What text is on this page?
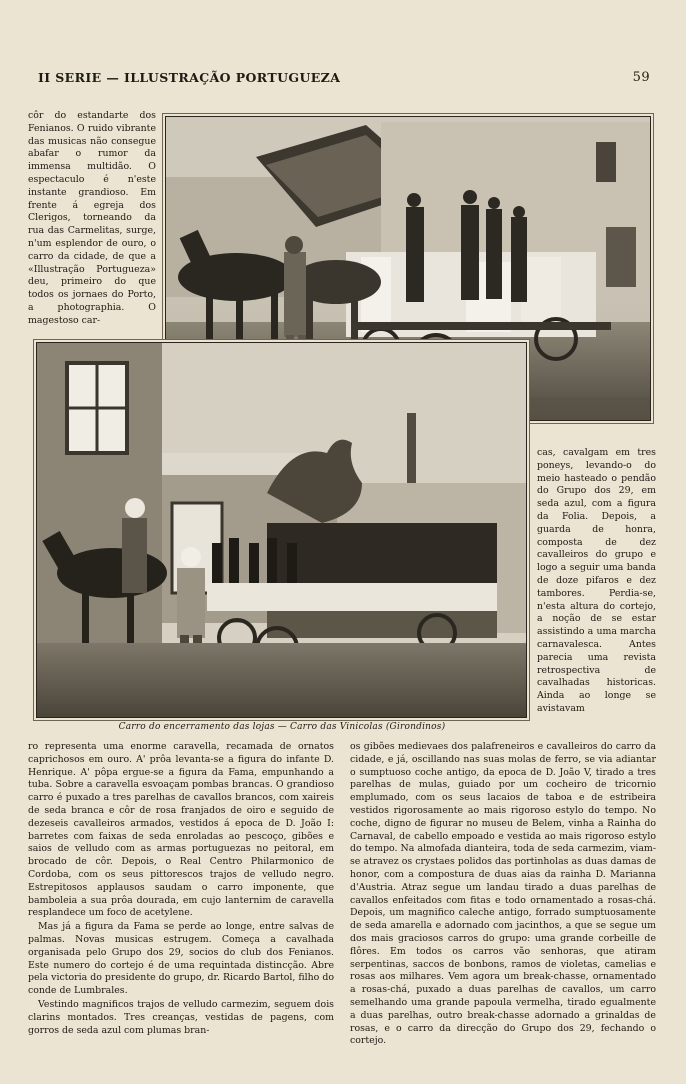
II SERIE — ILLUSTRAÇÃO PORTUGUEZA	59

côr do estandarte dos Fenianos. O ruido vibrante das musicas não consegue abafar o rumor da immensa multidão. O espectaculo é n'este instante grandioso. Em frente á egreja dos Clerigos, torneando da rua das Carmelitas, surge, n'um esplendor de ouro, o carro da cidade, de que a «Illustração Portugueza» deu, primeiro do que todos os jornaes do Porto, a photographia. O magestoso car-

Carro do encerramento das lojas — Carro das Vinicolas (Girondinos)

cas, cavalgam em tres poneys, levando-o do meio hasteado o pendão do Grupo dos 29, em seda azul, com a figura da Folia. Depois, a guarda de honra, composta de dez cavalleiros do grupo e logo a seguir uma banda de doze pifaros e dez tambores. Perdia-se, n'esta altura do cortejo, a noção de se estar assistindo a uma marcha carnavalesca. Antes parecia uma revista retrospectiva de cavalhadas historicas. Ainda ao longe se avistavam

ro representa uma enorme caravella, recamada de ornatos caprichosos em ouro. A' prôa levanta-se a figura do infante D. Henrique. A' pôpa ergue-se a figura da Fama, empunhando a tuba. Sobre a caravella esvoaçam pombas brancas. O grandioso carro é puxado a tres parelhas de cavallos brancos, com xaireis de seda branca e côr de rosa franjados de oiro e seguido de dezeseis cavalleiros armados, vestidos á epoca de D. João I: barretes com faixas de seda enroladas ao pescoço, gibões e saios de velludo com as armas portuguezas no peitoral, em brocado de côr. Depois, o Real Centro Philarmonico de Cordoba, com os seus pittorescos trajos de velludo negro. Estrepitosos applausos saudam o carro imponente, que bamboleia a sua prôa dourada, em cujo lanternim de caravella resplandece um foco de acetylene.

Mas já a figura da Fama se perde ao longe, entre salvas de palmas. Novas musicas estrugem. Começa a cavalhada organisada pelo Grupo dos 29, socios do club dos Fenianos. Este numero do cortejo é de uma requintada distincção. Abre pela victoria do presidente do grupo, dr. Ricardo Bartol, filho do conde de Lumbrales.

Vestindo magnificos trajos de velludo carmezim, seguem dois clarins montados. Tres creanças, vestidas de pagens, com gorros de seda azul com plumas bran-

os gibões medievaes dos palafreneiros e cavalleiros do carro da cidade, e já, oscillando nas suas molas de ferro, se via adiantar o sumptuoso coche antigo, da epoca de D. João V, tirado a tres parelhas de mulas, guiado por um cocheiro de tricornio emplumado, com os seus lacaios de taboa e de estribeira vestidos rigorosamente ao mais rigoroso estylo do tempo. No coche, digno de figurar no museu de Belem, vinha a Rainha do Carnaval, de cabello empoado e vestida ao mais rigoroso estylo do tempo. Na almofada dianteira, toda de seda carmezim, viam-se atravez os crystaes polidos das portinholas as duas damas de honor, com a compostura de duas aias da rainha D. Marianna d'Austria. Atraz segue um landau tirado a duas parelhas de cavallos enfeitados com fitas e todo ornamentado a rosas-chá. Depois, um magnifico caleche antigo, forrado sumptuosamente de seda amarella e adornado com jacinthos, a que se segue um dos mais graciosos carros do grupo: uma grande corbeille de flôres. Em todos os carros vão senhoras, que atiram serpentinas, saccos de bonbons, ramos de violetas, camelias e rosas aos milhares. Vem agora um break-chasse, ornamentado a rosas-chá, puxado a duas parelhas de cavallos, um carro semelhando uma grande papoula vermelha, tirado egualmente a duas parelhas, outro break-chasse adornado a grinaldas de rosas, e o carro da direcção do Grupo dos 29, fechando o cortejo.
